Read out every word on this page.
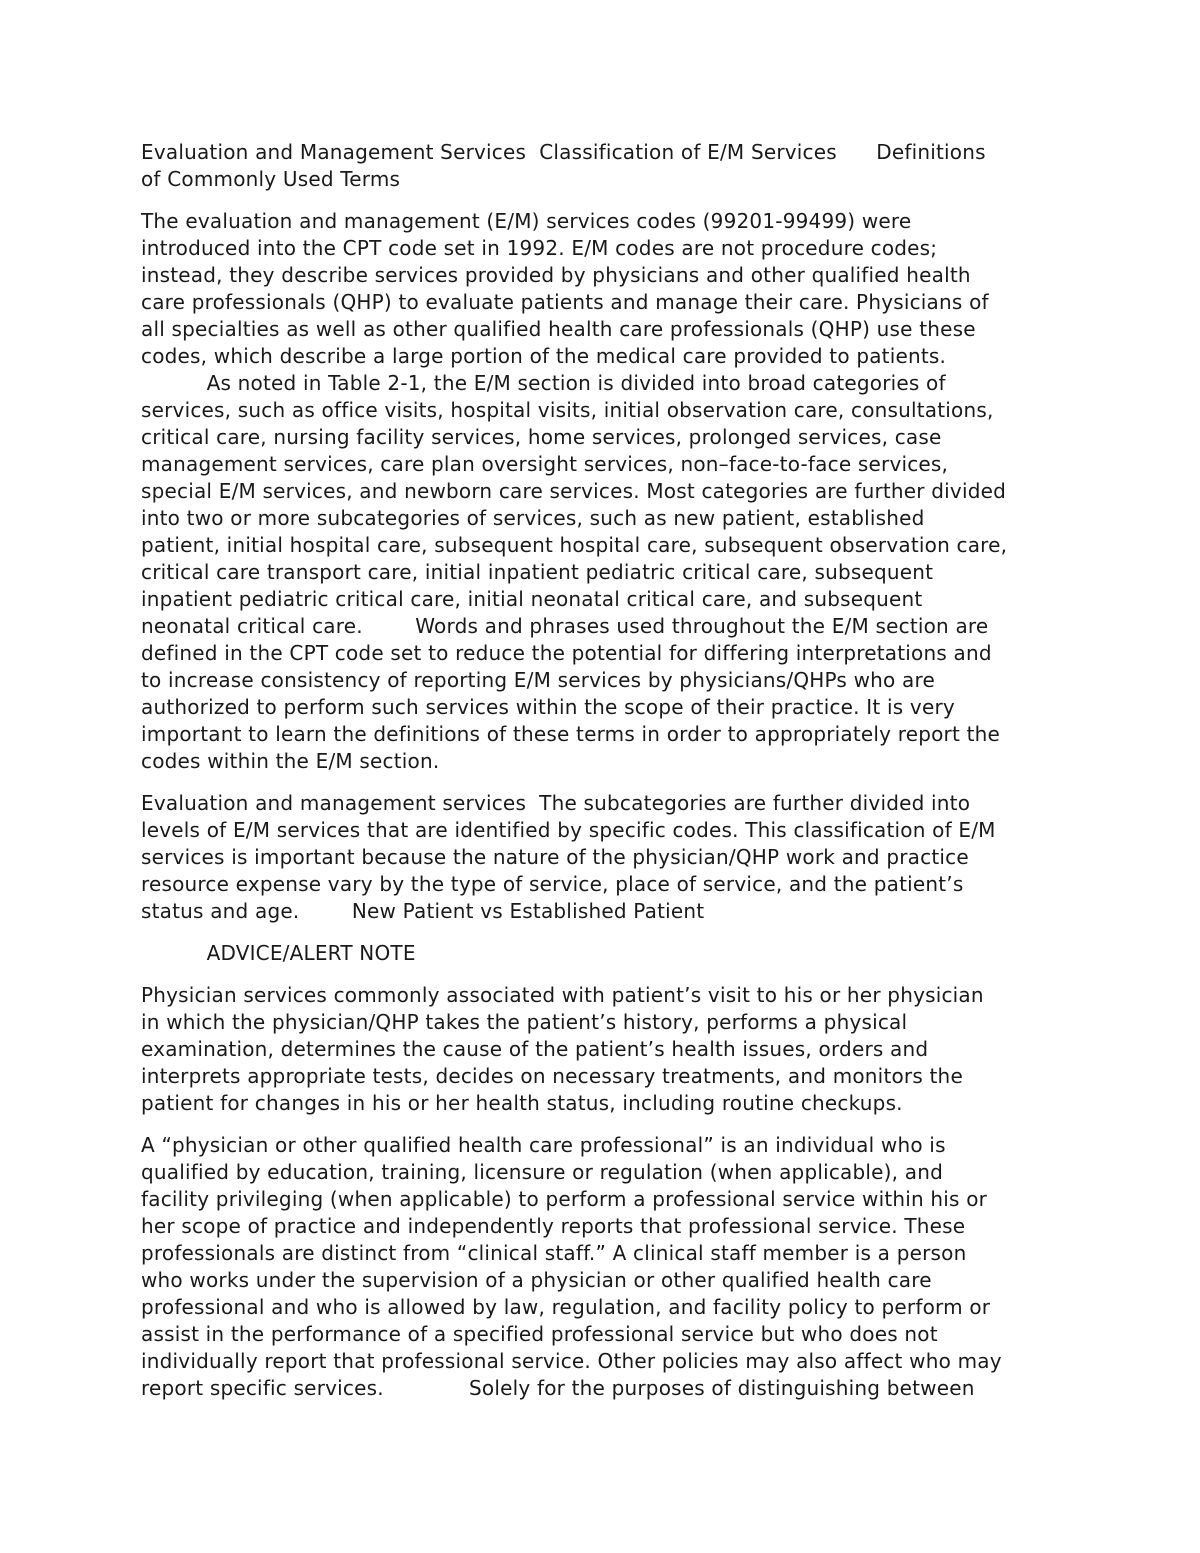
Evaluation and Management Services  Classification of E/M Services      Definitions
of Commonly Used Terms
The evaluation and management (E/M) services codes (99201-99499) were
introduced into the CPT code set in 1992. E/M codes are not procedure codes;
instead, they describe services provided by physicians and other qualified health
care professionals (QHP) to evaluate patients and manage their care. Physicians of
all specialties as well as other qualified health care professionals (QHP) use these
codes, which describe a large portion of the medical care provided to patients.
As noted in Table 2-1, the E/M section is divided into broad categories of
services, such as office visits, hospital visits, initial observation care, consultations,
critical care, nursing facility services, home services, prolonged services, case
management services, care plan oversight services, non–face-to-face services,
special E/M services, and newborn care services. Most categories are further divided
into two or more subcategories of services, such as new patient, established
patient, initial hospital care, subsequent hospital care, subsequent observation care,
critical care transport care, initial inpatient pediatric critical care, subsequent
inpatient pediatric critical care, initial neonatal critical care, and subsequent
neonatal critical care.        Words and phrases used throughout the E/M section are
defined in the CPT code set to reduce the potential for differing interpretations and
to increase consistency of reporting E/M services by physicians/QHPs who are
authorized to perform such services within the scope of their practice. It is very
important to learn the definitions of these terms in order to appropriately report the
codes within the E/M section.
Evaluation and management services  The subcategories are further divided into
levels of E/M services that are identified by specific codes. This classification of E/M
services is important because the nature of the physician/QHP work and practice
resource expense vary by the type of service, place of service, and the patient’s
status and age.        New Patient vs Established Patient
ADVICE/ALERT NOTE
Physician services commonly associated with patient’s visit to his or her physician
in which the physician/QHP takes the patient’s history, performs a physical
examination, determines the cause of the patient’s health issues, orders and
interprets appropriate tests, decides on necessary treatments, and monitors the
patient for changes in his or her health status, including routine checkups.
A “physician or other qualified health care professional” is an individual who is
qualified by education, training, licensure or regulation (when applicable), and
facility privileging (when applicable) to perform a professional service within his or
her scope of practice and independently reports that professional service. These
professionals are distinct from “clinical staff.” A clinical staff member is a person
who works under the supervision of a physician or other qualified health care
professional and who is allowed by law, regulation, and facility policy to perform or
assist in the performance of a specified professional service but who does not
individually report that professional service. Other policies may also affect who may
report specific services.             Solely for the purposes of distinguishing between
